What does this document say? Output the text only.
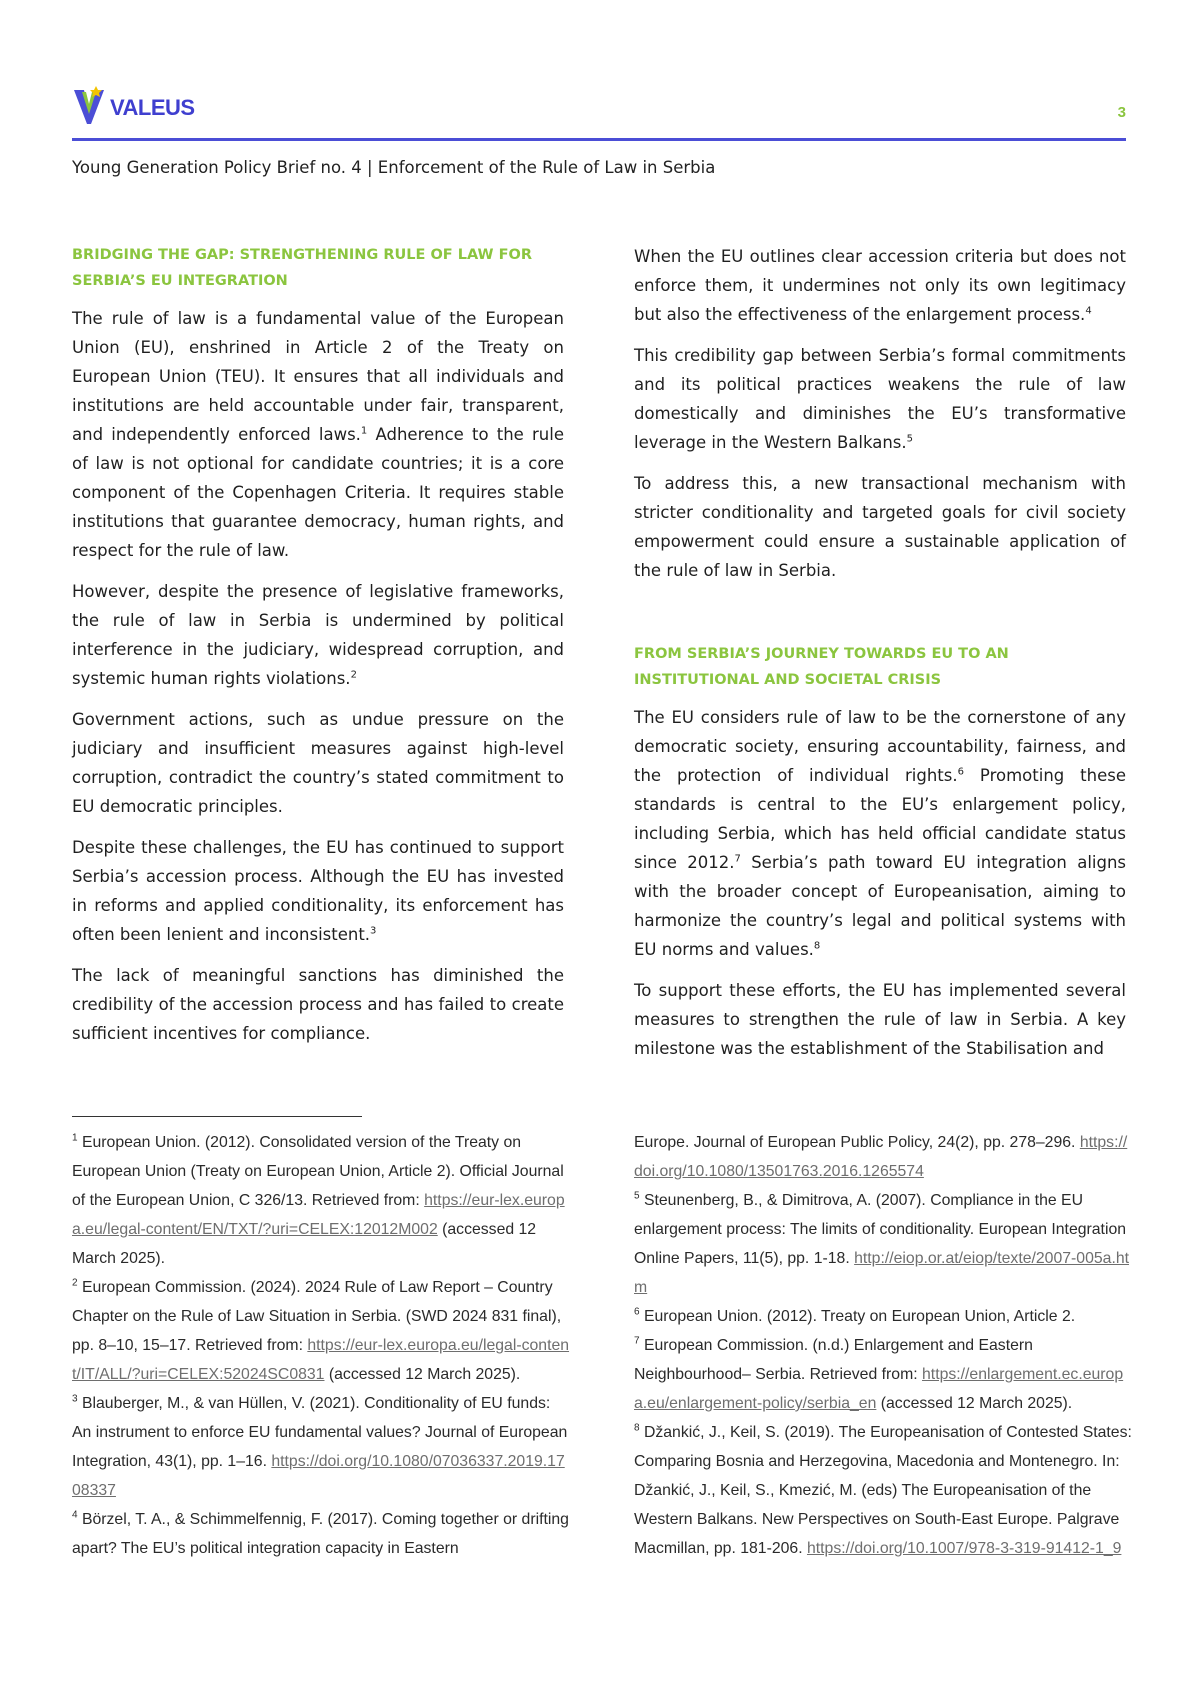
VALEUS	3
Young Generation Policy Brief no. 4 | Enforcement of the Rule of Law in Serbia
BRIDGING THE GAP: STRENGTHENING RULE OF LAW FOR SERBIA’S EU INTEGRATION

The rule of law is a fundamental value of the European Union (EU), enshrined in Article 2 of the Treaty on European Union (TEU). It ensures that all individuals and institutions are held accountable under fair, transparent, and independently enforced laws.$^1$ Adherence to the rule of law is not optional for candidate countries; it is a core component of the Copenhagen Criteria. It requires stable institutions that guarantee democracy, human rights, and respect for the rule of law.

However, despite the presence of legislative frameworks, the rule of law in Serbia is undermined by political interference in the judiciary, widespread corruption, and systemic human rights violations.$^2$

Government actions, such as undue pressure on the judiciary and insufficient measures against high-level corruption, contradict the country’s stated commitment to EU democratic principles.

Despite these challenges, the EU has continued to support Serbia’s accession process. Although the EU has invested in reforms and applied conditionality, its enforcement has often been lenient and inconsistent.$^3$

The lack of meaningful sanctions has diminished the credibility of the accession process and has failed to create sufficient incentives for compliance.

When the EU outlines clear accession criteria but does not enforce them, it undermines not only its own legitimacy but also the effectiveness of the enlargement process.$^4$

This credibility gap between Serbia’s formal commitments and its political practices weakens the rule of law domestically and diminishes the EU’s transformative leverage in the Western Balkans.$^5$

To address this, a new transactional mechanism with stricter conditionality and targeted goals for civil society empowerment could ensure a sustainable application of the rule of law in Serbia.

FROM SERBIA’S JOURNEY TOWARDS EU TO AN INSTITUTIONAL AND SOCIETAL CRISIS

The EU considers rule of law to be the cornerstone of any democratic society, ensuring accountability, fairness, and the protection of individual rights.$^6$ Promoting these standards is central to the EU’s enlargement policy, including Serbia, which has held official candidate status since 2012.$^7$ Serbia’s path toward EU integration aligns with the broader concept of Europeanisation, aiming to harmonize the country’s legal and political systems with EU norms and values.$^8$

To support these efforts, the EU has implemented several measures to strengthen the rule of law in Serbia. A key milestone was the establishment of the Stabilisation and

$^1$ European Union. (2012). Consolidated version of the Treaty on European Union (Treaty on European Union, Article 2). Official Journal of the European Union, C 326/13. Retrieved from: https://eur-lex.europa.eu/legal-content/EN/TXT/?uri=CELEX:12012M002 (accessed 12 March 2025).

$^2$ European Commission. (2024). 2024 Rule of Law Report – Country Chapter on the Rule of Law Situation in Serbia. (SWD 2024 831 final), pp. 8–10, 15–17. Retrieved from: https://eur-lex.europa.eu/legal-content/IT/ALL/?uri=CELEX:52024SC0831 (accessed 12 March 2025).

$^3$ Blauberger, M., & van Hüllen, V. (2021). Conditionality of EU funds: An instrument to enforce EU fundamental values? Journal of European Integration, 43(1), pp. 1–16. https://doi.org/10.1080/07036337.2019.1708337

$^4$ Börzel, T. A., & Schimmelfennig, F. (2017). Coming together or drifting apart? The EU’s political integration capacity in Eastern

Europe. Journal of European Public Policy, 24(2), pp. 278–296. https://doi.org/10.1080/13501763.2016.1265574

$^5$ Steunenberg, B., & Dimitrova, A. (2007). Compliance in the EU enlargement process: The limits of conditionality. European Integration Online Papers, 11(5), pp. 1-18. http://eiop.or.at/eiop/texte/2007-005a.htm

$^6$ European Union. (2012). Treaty on European Union, Article 2.

$^7$ European Commission. (n.d.) Enlargement and Eastern Neighbourhood– Serbia. Retrieved from: https://enlargement.ec.europa.eu/enlargement-policy/serbia_en (accessed 12 March 2025).

$^8$ Džankić, J., Keil, S. (2019). The Europeanisation of Contested States: Comparing Bosnia and Herzegovina, Macedonia and Montenegro. In: Džankić, J., Keil, S., Kmezić, M. (eds) The Europeanisation of the Western Balkans. New Perspectives on South-East Europe. Palgrave Macmillan, pp. 181-206. https://doi.org/10.1007/978-3-319-91412-1_9
